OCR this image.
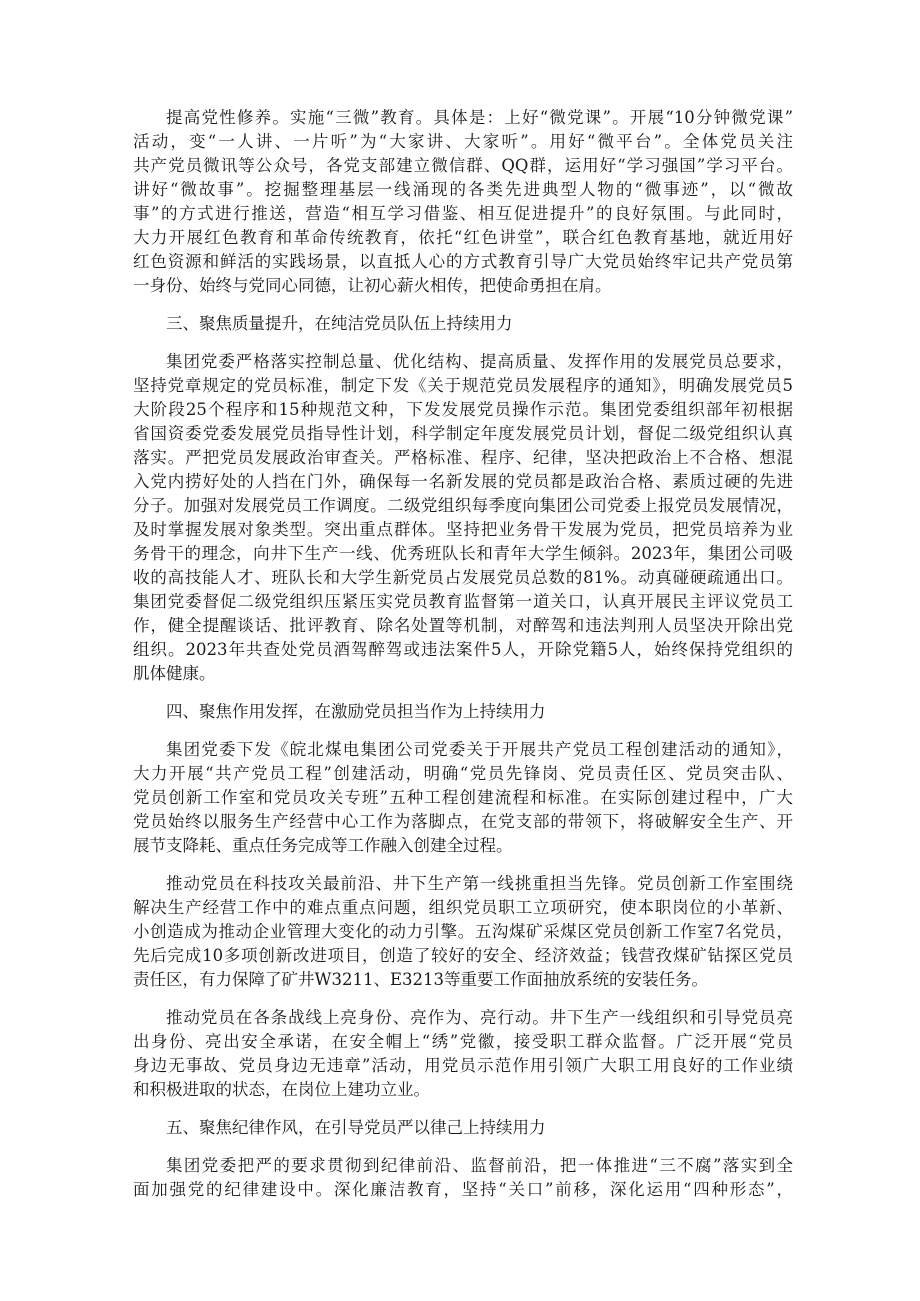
提高党性修养。实施“三微”教育。具体是：上好“微党课”。开展“10分钟微党课”
活动，变“一人讲、一片听”为“大家讲、大家听”。用好“微平台”。全体党员关注
共产党员微讯等公众号，各党支部建立微信群、QQ群，运用好“学习强国”学习平台。
讲好“微故事”。挖掘整理基层一线涌现的各类先进典型人物的“微事迹”，以“微故
事”的方式进行推送，营造“相互学习借鉴、相互促进提升”的良好氛围。与此同时，
大力开展红色教育和革命传统教育，依托“红色讲堂”，联合红色教育基地，就近用好
红色资源和鲜活的实践场景，以直抵人心的方式教育引导广大党员始终牢记共产党员第
一身份、始终与党同心同德，让初心薪火相传，把使命勇担在肩。
三、聚焦质量提升，在纯洁党员队伍上持续用力
集团党委严格落实控制总量、优化结构、提高质量、发挥作用的发展党员总要求，
坚持党章规定的党员标准，制定下发《关于规范党员发展程序的通知》，明确发展党员5
大阶段25个程序和15种规范文种，下发发展党员操作示范。集团党委组织部年初根据
省国资委党委发展党员指导性计划，科学制定年度发展党员计划，督促二级党组织认真
落实。严把党员发展政治审查关。严格标准、程序、纪律，坚决把政治上不合格、想混
入党内捞好处的人挡在门外，确保每一名新发展的党员都是政治合格、素质过硬的先进
分子。加强对发展党员工作调度。二级党组织每季度向集团公司党委上报党员发展情况，
及时掌握发展对象类型。突出重点群体。坚持把业务骨干发展为党员，把党员培养为业
务骨干的理念，向井下生产一线、优秀班队长和青年大学生倾斜。2023年，集团公司吸
收的高技能人才、班队长和大学生新党员占发展党员总数的81%。动真碰硬疏通出口。
集团党委督促二级党组织压紧压实党员教育监督第一道关口，认真开展民主评议党员工
作，健全提醒谈话、批评教育、除名处置等机制，对醉驾和违法判刑人员坚决开除出党
组织。2023年共查处党员酒驾醉驾或违法案件5人，开除党籍5人，始终保持党组织的
肌体健康。
四、聚焦作用发挥，在激励党员担当作为上持续用力
集团党委下发《皖北煤电集团公司党委关于开展共产党员工程创建活动的通知》，
大力开展“共产党员工程”创建活动，明确“党员先锋岗、党员责任区、党员突击队、
党员创新工作室和党员攻关专班”五种工程创建流程和标准。在实际创建过程中，广大
党员始终以服务生产经营中心工作为落脚点，在党支部的带领下，将破解安全生产、开
展节支降耗、重点任务完成等工作融入创建全过程。
推动党员在科技攻关最前沿、井下生产第一线挑重担当先锋。党员创新工作室围绕
解决生产经营工作中的难点重点问题，组织党员职工立项研究，使本职岗位的小革新、
小创造成为推动企业管理大变化的动力引擎。五沟煤矿采煤区党员创新工作室7名党员，
先后完成10多项创新改进项目，创造了较好的安全、经济效益；钱营孜煤矿钻探区党员
责任区，有力保障了矿井W3211、E3213等重要工作面抽放系统的安装任务。
推动党员在各条战线上亮身份、亮作为、亮行动。井下生产一线组织和引导党员亮
出身份、亮出安全承诺，在安全帽上“绣”党徽，接受职工群众监督。广泛开展“党员
身边无事故、党员身边无违章”活动，用党员示范作用引领广大职工用良好的工作业绩
和积极进取的状态，在岗位上建功立业。
五、聚焦纪律作风，在引导党员严以律己上持续用力
集团党委把严的要求贯彻到纪律前沿、监督前沿，把一体推进“三不腐”落实到全
面加强党的纪律建设中。深化廉洁教育，坚持“关口”前移，深化运用“四种形态”，
